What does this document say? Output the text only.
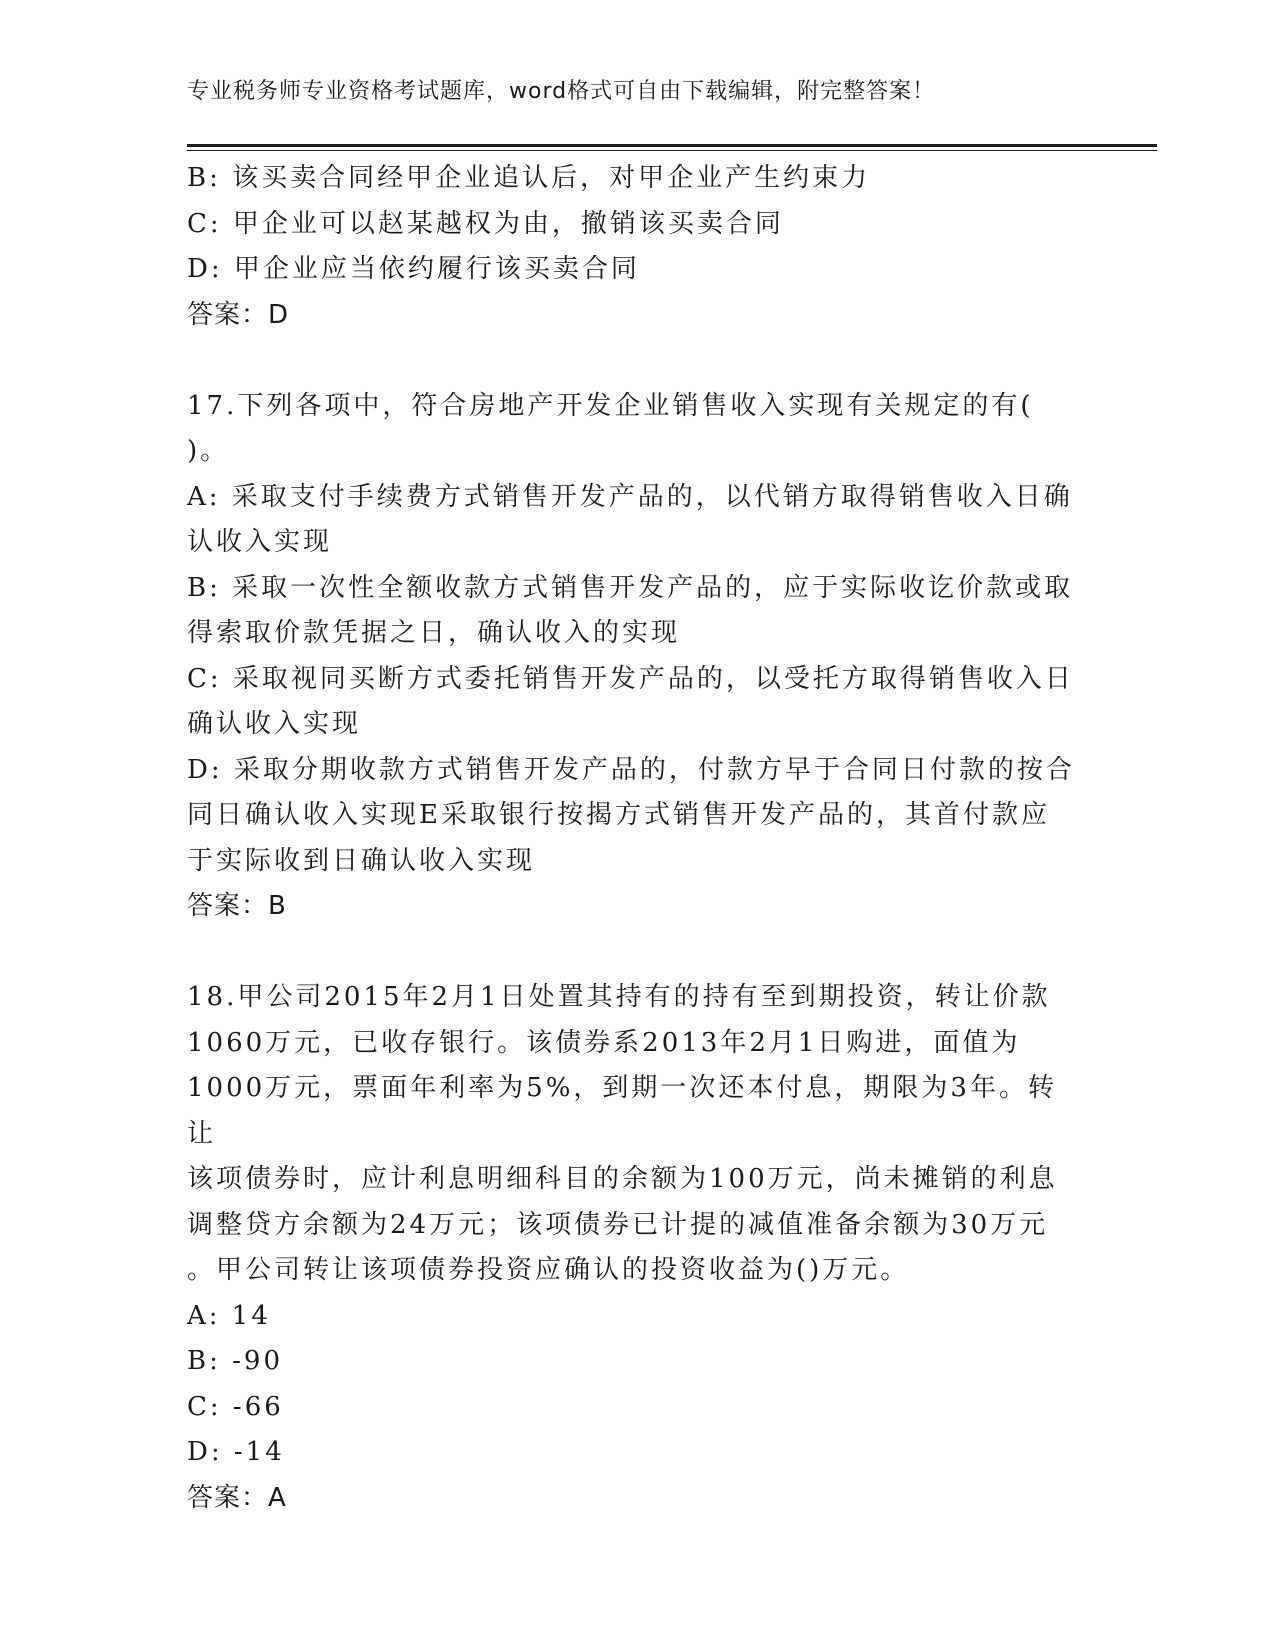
专业税务师专业资格考试题库，word格式可自由下载编辑，附完整答案！
B: 该买卖合同经甲企业追认后，对甲企业产生约束力
C: 甲企业可以赵某越权为由，撤销该买卖合同
D: 甲企业应当依约履行该买卖合同
答案：D
17.下列各项中，符合房地产开发企业销售收入实现有关规定的有(
)。
A: 采取支付手续费方式销售开发产品的，以代销方取得销售收入日确
认收入实现
B: 采取一次性全额收款方式销售开发产品的，应于实际收讫价款或取
得索取价款凭据之日，确认收入的实现
C: 采取视同买断方式委托销售开发产品的，以受托方取得销售收入日
确认收入实现
D: 采取分期收款方式销售开发产品的，付款方早于合同日付款的按合
同日确认收入实现E采取银行按揭方式销售开发产品的，其首付款应
于实际收到日确认收入实现
答案：B
18.甲公司2015年2月1日处置其持有的持有至到期投资，转让价款
1060万元，已收存银行。该债券系2013年2月1日购进，面值为
1000万元，票面年利率为5%，到期一次还本付息，期限为3年。转让
该项债券时，应计利息明细科目的余额为100万元，尚未摊销的利息
调整贷方余额为24万元；该项债券已计提的减值准备余额为30万元
。甲公司转让该项债券投资应确认的投资收益为()万元。
A: 14
B: -90
C: -66
D: -14
答案：A
